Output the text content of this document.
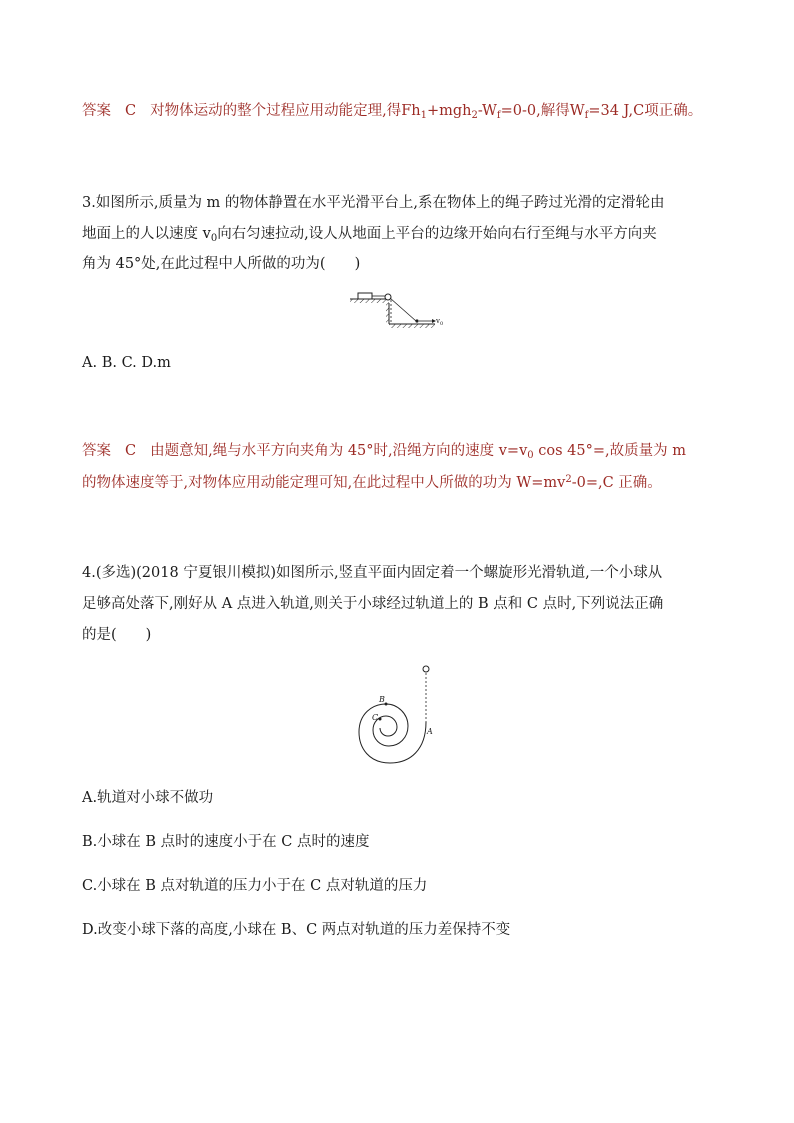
答案 C 对物体运动的整个过程应用动能定理,得$Fh_1+mgh_2-W_f=0-0$,解得$W_f=34$ J,C项正确。
3.如图所示,质量为 m 的物体静置在水平光滑平台上,系在物体上的绳子跨过光滑的定滑轮由
地面上的人以速度 $v_0$向右匀速拉动,设人从地面上平台的边缘开始向右行至绳与水平方向夹
角为 45°处,在此过程中人所做的功为(　　)
$v_0$
A. B. C. D.m
答案 C 由题意知,绳与水平方向夹角为 45°时,沿绳方向的速度 $v=v_0$ cos 45°=,故质量为 m
的物体速度等于,对物体应用动能定理可知,在此过程中人所做的功为 $W=mv^2-0=,C$ 正确。
4.(多选)(2018 宁夏银川模拟)如图所示,竖直平面内固定着一个螺旋形光滑轨道,一个小球从
足够高处落下,刚好从 A 点进入轨道,则关于小球经过轨道上的 B 点和 C 点时,下列说法正确
的是(　　)
B
C
A
A.轨道对小球不做功
B.小球在 B 点时的速度小于在 C 点时的速度
C.小球在 B 点对轨道的压力小于在 C 点对轨道的压力
D.改变小球下落的高度,小球在 B、C 两点对轨道的压力差保持不变
